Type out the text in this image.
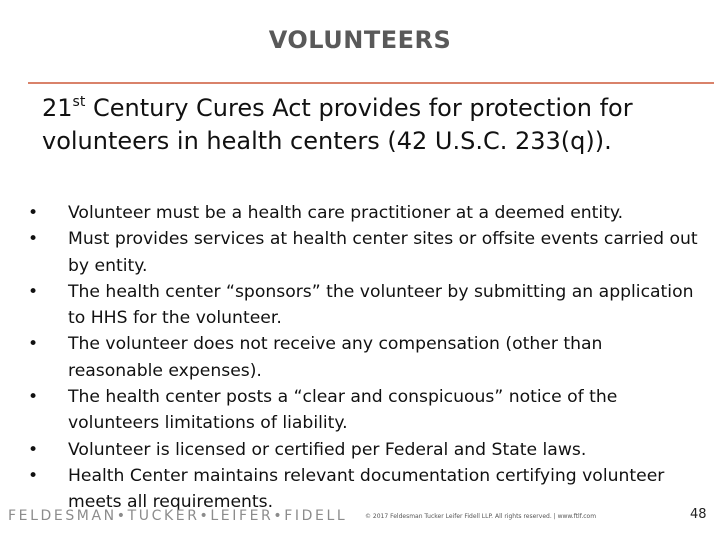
VOLUNTEERS
21st Century Cures Act provides for protection for volunteers in health centers (42 U.S.C. 233(q)).
•	Volunteer must be a health care practitioner at a deemed entity.
•	Must provides services at health center sites or offsite events carried out by entity.
•	The health center “sponsors” the volunteer by submitting an application to HHS for the volunteer.
•	The volunteer does not receive any compensation (other than reasonable expenses).
•	The health center posts a “clear and conspicuous” notice of the volunteers limitations of liability.
•	Volunteer is licensed or certified per Federal and State laws.
•	Health Center maintains relevant documentation certifying volunteer meets all requirements.
FELDESMAN•TUCKER•LEIFER•FIDELL	© 2017 Feldesman Tucker Leifer Fidell LLP. All rights reserved. | www.ftlf.com	48
